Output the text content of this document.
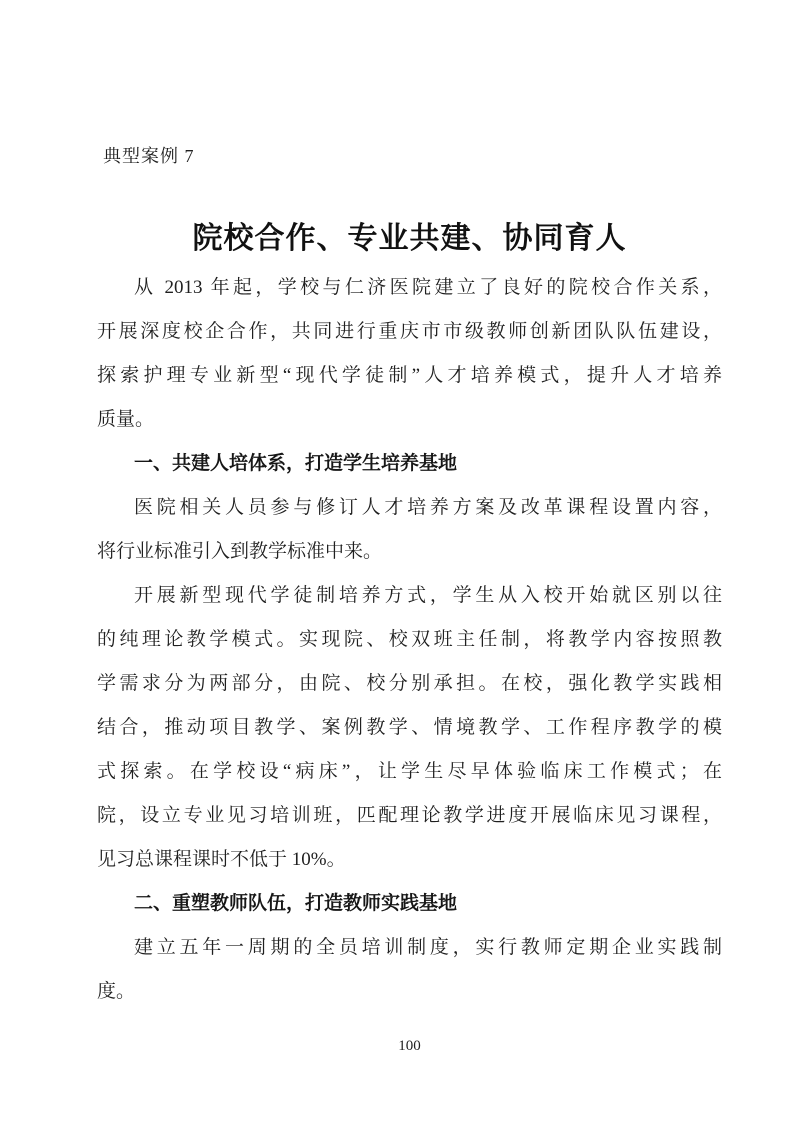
典型案例 7
院校合作、专业共建、协同育人
从 2013 年起，学校与仁济医院建立了良好的院校合作关系，
开展深度校企合作，共同进行重庆市市级教师创新团队队伍建设，
探索护理专业新型“现代学徒制”人才培养模式，提升人才培养
质量。
一、共建人培体系，打造学生培养基地
医院相关人员参与修订人才培养方案及改革课程设置内容，
将行业标准引入到教学标准中来。
开展新型现代学徒制培养方式，学生从入校开始就区别以往
的纯理论教学模式。实现院、校双班主任制，将教学内容按照教
学需求分为两部分，由院、校分别承担。在校，强化教学实践相
结合，推动项目教学、案例教学、情境教学、工作程序教学的模
式探索。在学校设“病床”，让学生尽早体验临床工作模式；在
院，设立专业见习培训班，匹配理论教学进度开展临床见习课程，
见习总课程课时不低于 10%。
二、重塑教师队伍，打造教师实践基地
建立五年一周期的全员培训制度，实行教师定期企业实践制
度。
100
